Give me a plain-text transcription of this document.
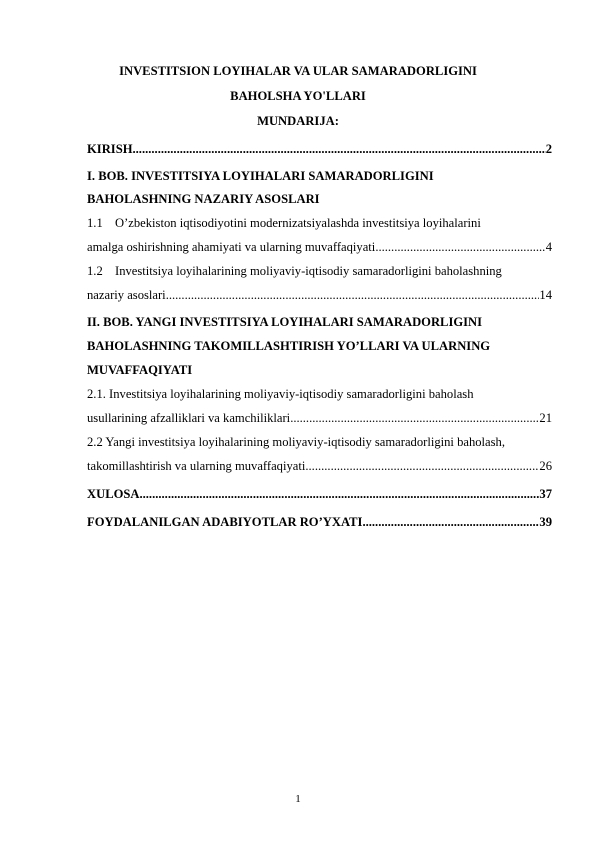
INVESTITSION LOYIHALAR VA ULAR SAMARADORLIGINI
BAHOLSHA YO'LLARI
MUNDARIJA:
KIRISH .....	2
I. BOB. INVESTITSIYA LOYIHALARI SAMARADORLIGINI
BAHOLASHNING NAZARIY ASOSLARI
1.1 O’zbekiston iqtisodiyotini modernizatsiyalashda investitsiya loyihalarini
amalga oshirishning ahamiyati va ularning muvaffaqiyati .....	4
1.2 Investitsiya loyihalarining moliyaviy-iqtisodiy samaradorligini baholashning
nazariy asoslari .....	14
II. BOB. YANGI INVESTITSIYA LOYIHALARI SAMARADORLIGINI
BAHOLASHNING TAKOMILLASHTIRISH YO’LLARI VA ULARNING
MUVAFFAQIYATI
2.1. Investitsiya loyihalarining moliyaviy-iqtisodiy samaradorligini baholash
usullarining afzalliklari va kamchiliklari .....	21
2.2 Yangi investitsiya loyihalarining moliyaviy-iqtisodiy samaradorligini baholash,
takomillashtirish va ularning muvaffaqiyati .....	26
XULOSA .....	37
FOYDALANILGAN ADABIYOTLAR RO’YXATI .....	39
1
